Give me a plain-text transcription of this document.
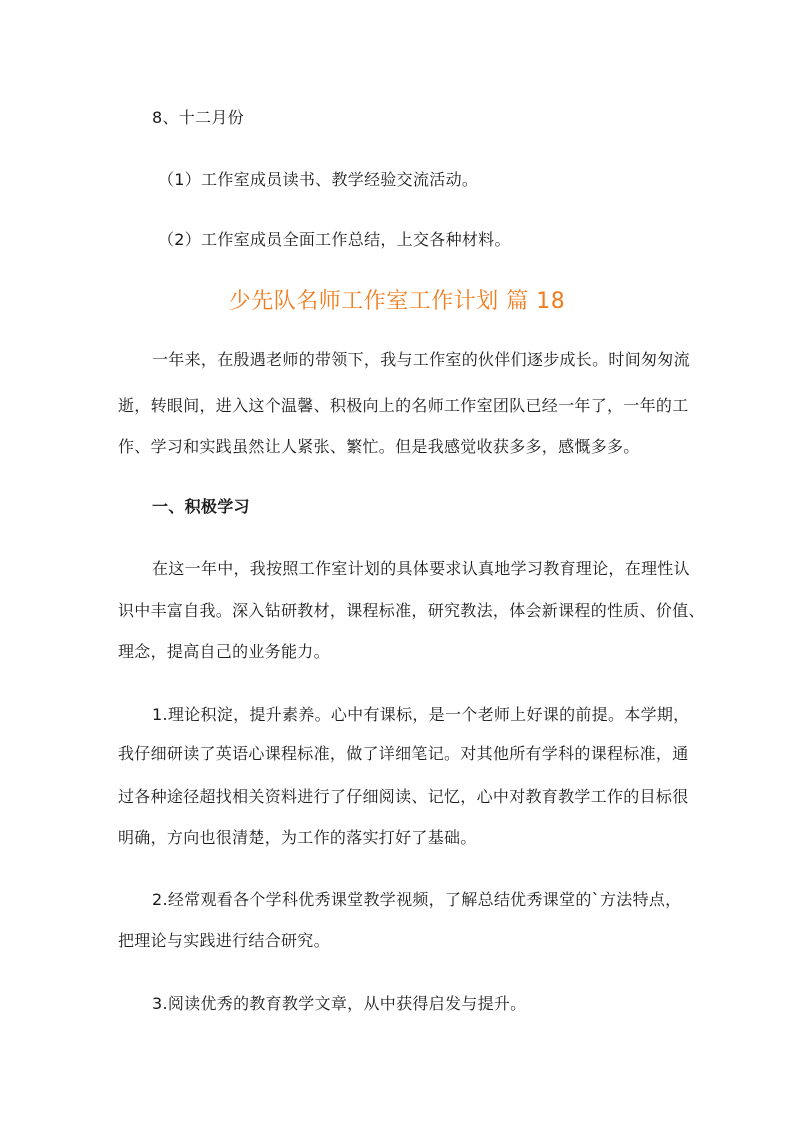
8、十二月份
（1）工作室成员读书、教学经验交流活动。
（2）工作室成员全面工作总结，上交各种材料。
少先队名师工作室工作计划 篇 18
一年来，在殷遇老师的带领下，我与工作室的伙伴们逐步成长。时间匆匆流
逝，转眼间，进入这个温馨、积极向上的名师工作室团队已经一年了，一年的工
作、学习和实践虽然让人紧张、繁忙。但是我感觉收获多多，感慨多多。
一、积极学习
在这一年中，我按照工作室计划的具体要求认真地学习教育理论，在理性认
识中丰富自我。深入钻研教材，课程标准，研究教法，体会新课程的性质、价值、
理念，提高自己的业务能力。
1.理论积淀，提升素养。心中有课标，是一个老师上好课的前提。本学期，
我仔细研读了英语心课程标准，做了详细笔记。对其他所有学科的课程标准，通
过各种途径超找相关资料进行了仔细阅读、记忆，心中对教育教学工作的目标很
明确，方向也很清楚，为工作的落实打好了基础。
2.经常观看各个学科优秀课堂教学视频，了解总结优秀课堂的`方法特点，
把理论与实践进行结合研究。
3.阅读优秀的教育教学文章，从中获得启发与提升。
